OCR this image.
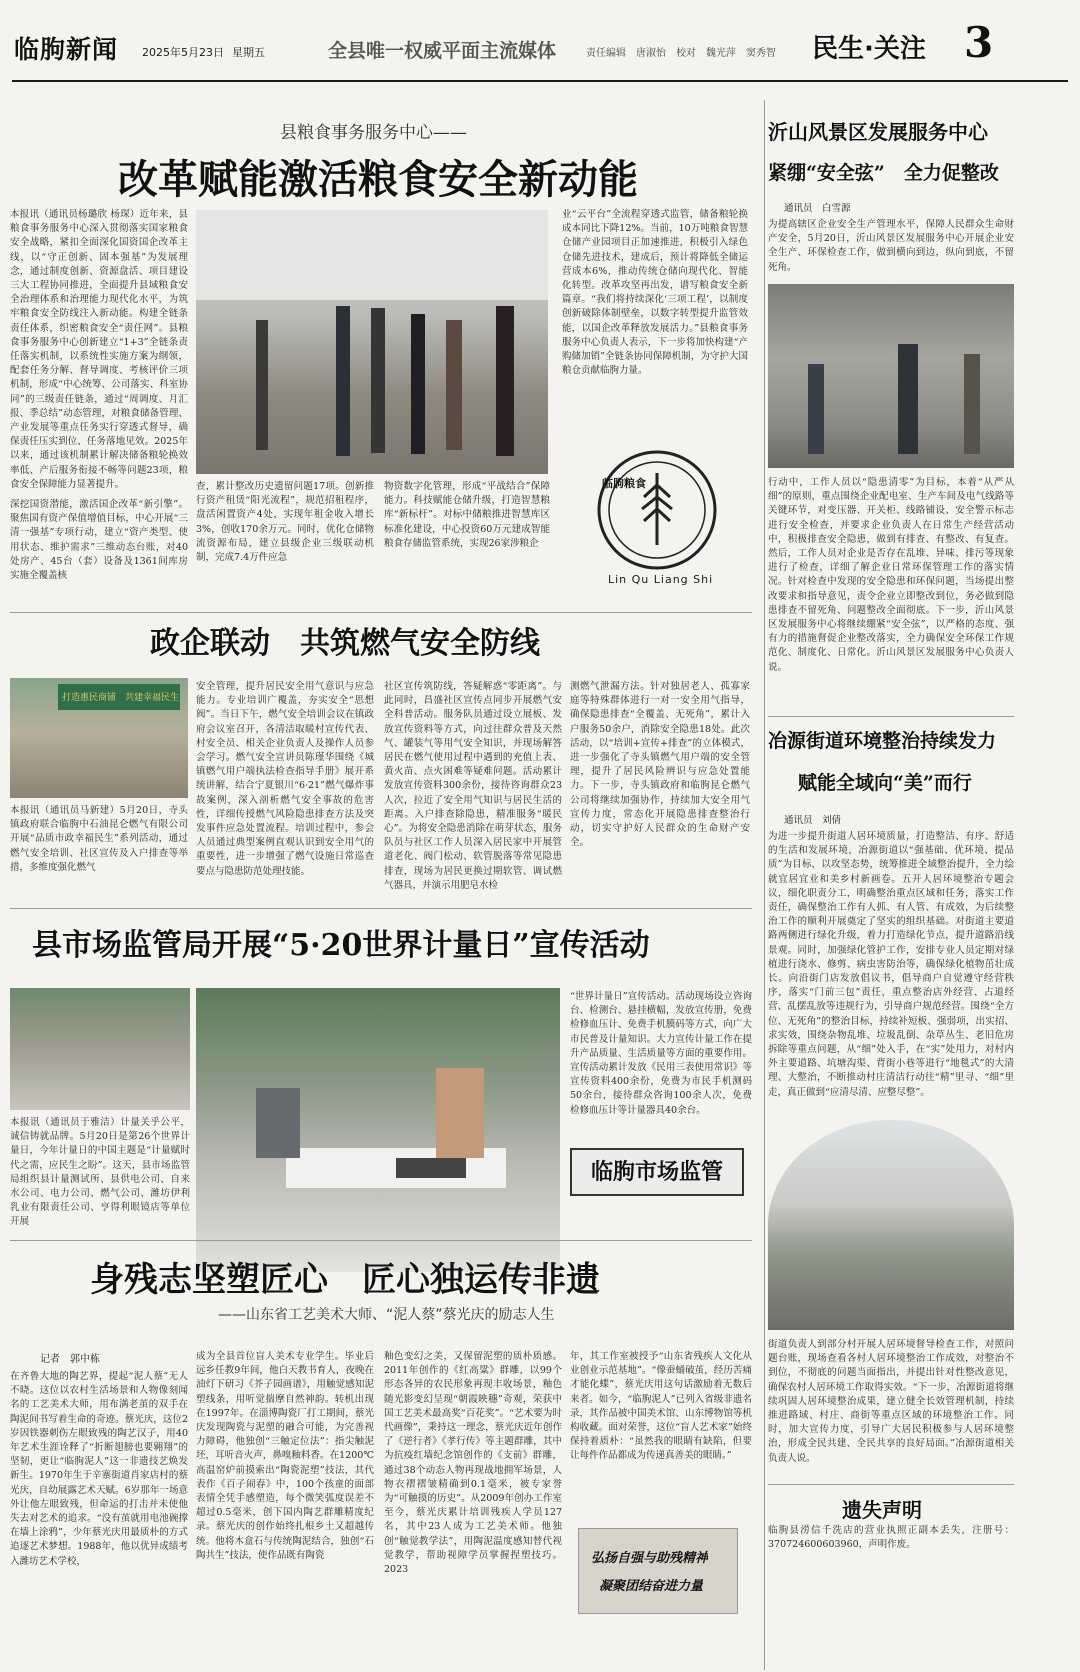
临朐新闻 2025年5月23日 星期五	全县唯一权威平面主流媒体	责任编辑　唐淑怡　校对　魏光萍　窦秀智 民生·关注 3
县粮食事务服务中心——
改革赋能激活粮食安全新动能
本报讯（通讯员杨璐欣 杨琛）近年来，县粮食事务服务中心深入贯彻落实国家粮食安全战略，紧扣全面深化国资国企改革主线，以“守正创新、固本强基”为发展理念，通过制度创新、资源盘活、项目建设三大工程协同推进，全面提升县域粮食安全治理体系和治理能力现代化水平，为筑牢粮食安全防线注入新动能。构建全链条责任体系，织密粮食安全“责任网”。县粮食事务服务中心创新建立“1+3”全链条责任落实机制，以系统性实施方案为纲领，配套任务分解、督导调度、考核评价三项机制，形成“中心统筹、公司落实、科室协同”的三级责任链条，通过“周调度、月汇报、季总结”动态管理，对粮食储备管理、产业发展等重点任务实行穿透式督导，确保责任压实到位、任务落地见效。2025年以来，通过该机制累计解决储备粮轮换效率低、产后服务衔接不畅等问题23项，粮食安全保障能力显著提升。
深挖国资潜能，激活国企改革“新引擎”。聚焦国有资产保值增值目标，中心开展“三清一强基”专项行动，建立“资产类型、使用状态、维护需求”三维动态台账，对40处房产、45台（套）设备及1361间库房实施全覆盖核
查，累计整改历史遗留问题17项。创新推行资产租赁“阳光流程”，规范招租程序，盘活闲置资产4处，实现年租金收入增长3%，创收170余万元。同时，优化仓储物流资源布局，建立县级企业三级联动机制，完成7.4万件应急
物资数字化管理，形成“平战结合”保障能力。科技赋能仓储升级，打造智慧粮库“新标杆”。对标中储粮推进智慧库区标准化建设，中心投资60万元建成智能粮食存储监管系统，实现26家涉粮企
业“云平台”全流程穿透式监管，储备粮轮换成本同比下降12%。当前，10万吨粮食智慧仓储产业园项目正加速推进，积极引入绿色仓储先进技术，建成后，预计将降低全储运营成本6%，推动传统仓储向现代化、智能化转型。改革攻坚再出发，谱写粮食安全新篇章。“我们将持续深化‘三项工程’，以制度创新破除体制壁垒，以数字转型提升监管效能，以国企改革释放发展活力。”县粮食事务服务中心负责人表示，下一步将加快构建“产购储加销”全链条协同保障机制，为守护大国粮仓贡献临朐力量。
临朐粮食
Lin Qu Liang Shi
政企联动　共筑燃气安全防线
打造惠民商铺　共建幸福民生
本报讯（通讯员马新建）5月20日，寺头镇政府联合临朐中石油昆仑燃气有限公司开展“品质市政幸福民生”系列活动，通过燃气安全培训、社区宣传及入户排查等举措，多维度强化燃气
安全管理，提升居民安全用气意识与应急能力。专业培训广覆盖，夯实安全“思想阀”。当日下午，燃气安全培训会议在镇政府会议室召开，各清洁取暖村宣传代表、村安全员、相关企业负责人及操作人员参会学习。燃气安全宣讲员陈瑾华围绕《城镇燃气用户端执法检查指导手册》展开系统讲解，结合宁夏银川“6·21”燃气爆炸事故案例，深入剖析燃气安全事故的危害性，详细传授燃气风险隐患排查方法及突发事件应急处置流程。培训过程中，参会人员通过典型案例直观认识到安全用气的重要性，进一步增强了燃气设施日常巡查要点与隐患防范处理技能。
社区宣传筑防线，答疑解惑“零距离”。与此同时，昌盛社区宣传点同步开展燃气安全科普活动。服务队员通过设立展板、发放宣传资料等方式，向过往群众普及天然气、罐装气等用气安全知识，并现场解答居民在燃气使用过程中遇到的充值上表、黄火苗、点火困难等疑难问题。活动累计发放宣传资料300余份，接待咨询群众23人次，拉近了安全用气知识与居民生活的距离。入户排查除隐患，精准服务“暖民心”。为将安全隐患消除在萌芽状态，服务队员与社区工作人员深入居民家中开展管道老化、阀门松动、软管脱落等常见隐患排查，现场为居民更换过期软管、调试燃气器具，并演示用肥皂水检
测燃气泄漏方法。针对独居老人、孤寡家庭等特殊群体进行一对一安全用气指导，确保隐患排查“全覆盖、无死角”，累计入户服务50余户，消除安全隐患18处。此次活动，以“培训+宣传+排查”的立体模式，进一步强化了寺头镇燃气用户端的安全管理，提升了居民风险辨识与应急处置能力。下一步，寺头镇政府和临朐昆仑燃气公司将继续加强协作，持续加大安全用气宣传力度，常态化开展隐患排查整治行动，切实守护好人民群众的生命财产安全。
县市场监管局开展“5·20世界计量日”宣传活动
本报讯（通讯员于雅洁）计量关乎公平，诚信铸就品牌。5月20日是第26个世界计量日，今年计量日的中国主题是“计量赋时代之需，应民生之盼”。这天，县市场监管局组织县计量测试所、县供电公司、自来水公司、电力公司、燃气公司、潍坊伊利乳业有限责任公司、亨得利眼镜店等单位开展
“世界计量日”宣传活动。活动现场设立咨询台、检测台、悬挂横幅，发放宣传册，免费检修血压计、免费手机膜码等方式，向广大市民普及计量知识。大力宣传计量工作在提升产品质量、生活质量等方面的重要作用。宣传活动累计发放《民用三表使用常识》等宣传资料400余份，免费为市民手机测码50余台，接待群众咨询100余人次，免费检修血压计等计量器具40余台。
临朐市场监管
身残志坚塑匠心　匠心独运传非遗
——山东省工艺美术大师、“泥人蔡”蔡光庆的励志人生
记者　郭中栋
在齐鲁大地的陶艺界，提起“泥人蔡”无人不晓。这位以农村生活场景和人物像刻闻名的工艺美术大师，用布满老茧的双手在陶泥间书写着生命的奇迹。蔡光庆，这位2岁因铁器刺伤左眼致残的陶艺汉子，用40年艺术生涯诠释了“折断翅膀也要翱翔”的坚韧，更让“临朐泥人”这一非遗技艺焕发新生。1970年生于辛寨街道肖家店村的蔡光庆，自幼展露艺术天赋。6岁那年一场意外让他左眼致残，但命运的打击并未使他失去对艺术的追求。“没有茧就用电池碗撑在墙上涂鸦”，少年蔡光庆用最质朴的方式追逐艺术梦想。1988年，他以优异成绩考入潍坊艺术学校，
成为全县首位盲人美术专业学生。毕业后远乡任教9年间，他白天教书育人，夜晚在油灯下研习《芥子园画谱》，用触觉感知泥塑线条，用听觉揣摩自然神韵。转机出现在1997年。在淄博陶瓷厂打工期间，蔡光庆发现陶瓷与泥塑的融合可能，为完善视力障碍，他独创“三触定位法”：指尖触泥坯，耳听音火声，鼻嗅釉料香。在1200℃高温窑炉前摸索出“陶瓷泥塑”技法，其代表作《百子闹春》中，100个孩童的面部表情全凭手感塑造，每个微笑弧度误差不超过0.5毫米，创下国内陶艺群雕精度纪录。蔡光庆的创作始终扎根乡土又超越传统。他将木盒石与传统陶泥结合，独创“石陶共生”技法，使作品既有陶瓷
釉色变幻之美，又保留泥塑的质朴质感。2011年创作的《红高粱》群雕，以99个形态各异的农民形象再现丰收场景，釉色随光影变幻呈现“朝霞映穗”奇观，荣获中国工艺美术最高奖“百花奖”。“艺术要为时代画像”，秉持这一理念，蔡光庆近年创作了《逆行者》《孝行传》等主题群雕，其中为抗疫红墙纪念馆创作的《支前》群雕，通过38个动态人物再现战地拥军场景，人物衣褶褶皱精确到0.1毫米，被专家誉为“可触摸的历史”。从2009年创办工作室至今，蔡光庆累计培训残疾人学员127名，其中23人成为工艺美术师。他独创“触觉教学法”，用陶泥温度感知替代视觉教学，帮助视障学员掌握捏塑技巧。2023
年，其工作室被授予“山东省残疾人文化从业创业示范基地”。“像蚕蛹破茧，经历苦痛才能化蝶”，蔡光庆用这句话激励着无数后来者。如今，“临朐泥人”已列入省级非遗名录，其作品被中国美术馆、山东博物馆等机构收藏。面对荣誉，这位“盲人艺术家”始终保持着质朴：“虽然我的眼睛有缺陷，但要让每件作品都成为传递真善美的眼睛。”
弘扬自强与助残精神
凝聚团结奋进力量
沂山风景区发展服务中心
紧绷“安全弦”　全力促整改
通讯员　白雪源
为提高辖区企业安全生产管理水平，保障人民群众生命财产安全，5月20日，沂山风景区发展服务中心开展企业安全生产、环保检查工作，做到横向到边，纵向到底，不留死角。
行动中，工作人员以“隐患清零”为目标，本着“从严从细”的原则，重点围绕企业配电室、生产车间及电气线路等关键环节，对变压器、开关柜、线路铺设、安全警示标志进行安全检查，并要求企业负责人在日常生产经营活动中，积极排查安全隐患，做到有排查、有整改、有复查。然后，工作人员对企业是否存在乱堆、异味、排污等现象进行了检查，详细了解企业日常环保管理工作的落实情况。针对检查中发现的安全隐患和环保问题，当场提出整改要求和指导意见，责令企业立即整改到位，务必做到隐患排查不留死角、问题整改全面彻底。下一步，沂山风景区发展服务中心将继续绷紧“安全弦”，以严格的态度、强有力的措施督促企业整改落实，全力确保安全环保工作规范化、制度化、日常化。沂山风景区发展服务中心负责人说。
冶源街道环境整治持续发力
赋能全域向“美”而行
通讯员　刘倩
为进一步提升街道人居环境质量，打造整洁、有序、舒适的生活和发展环境，冶源街道以“强基础、优环境、提品质”为目标，以攻坚态势，统筹推进全域整治提升，全力绘就宜居宜业和美乡村新画卷。五开人居环境整治专题会议，细化职责分工，明确整治重点区域和任务，落实工作责任，确保整治工作有人抓、有人管、有成效，为后续整治工作的顺利开展奠定了坚实的组织基础。对街道主要道路两侧进行绿化升级，着力打造绿化节点，提升道路沿线景观。同时，加强绿化管护工作，安排专业人员定期对绿植进行浇水、修剪、病虫害防治等，确保绿化植物茁壮成长。向沿街门店发放倡议书，倡导商户自觉遵守经营秩序，落实“门前三包”责任，重点整治店外经营、占道经营、乱摆乱放等违规行为，引导商户规范经营。围绕“全方位、无死角”的整治目标，持续补短板、强弱项，出实招、求实效，围绕杂物乱堆、垃圾乱倒、杂草丛生、老旧危房拆除等重点问题，从“细”处入手，在“实”处用力，对村内外主要道路、坑塘沟渠、背街小巷等进行“地毯式”的大清理、大整治，不断推动村庄清洁行动往“精”里寻、“细”里走，真正做到“应清尽清、应整尽整”。
街道负责人到部分村开展人居环境督导检查工作，对照问题台账，现场查看各村人居环境整治工作成效，对整治不到位，不彻底的问题当面指出，并提出针对性整改意见，确保农村人居环境工作取得实效。“下一步，冶源街道将继续巩固人居环境整治成果，建立健全长效管理机制，持续推进路域、村庄、商街等重点区域的环境整治工作。同时，加大宣传力度，引导广大居民积极参与人居环境整治，形成全民共建、全民共享的良好局面。”冶源街道相关负责人说。
遗失声明
临朐县涝信千洗店的营业执照正副本丢失，注册号：370724600603960，声明作废。
